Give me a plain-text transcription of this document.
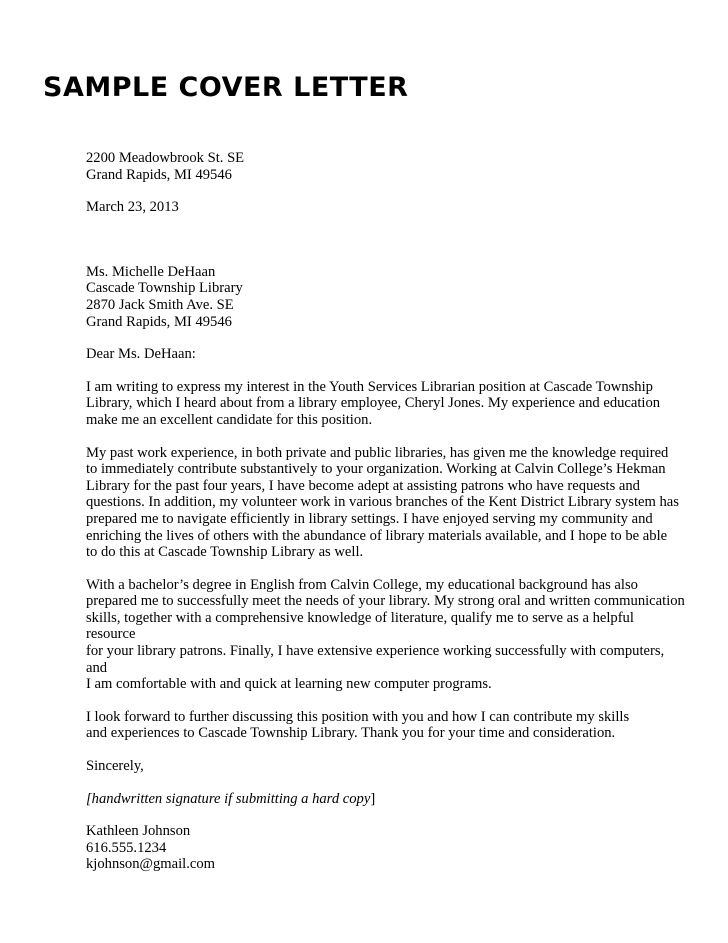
SAMPLE COVER LETTER

2200 Meadowbrook St. SE
Grand Rapids, MI 49546

March 23, 2013

Ms. Michelle DeHaan
Cascade Township Library
2870 Jack Smith Ave. SE
Grand Rapids, MI 49546

Dear Ms. DeHaan:

I am writing to express my interest in the Youth Services Librarian position at Cascade Township
Library, which I heard about from a library employee, Cheryl Jones. My experience and education
make me an excellent candidate for this position.

My past work experience, in both private and public libraries, has given me the knowledge required
to immediately contribute substantively to your organization. Working at Calvin College’s Hekman
Library for the past four years, I have become adept at assisting patrons who have requests and
questions. In addition, my volunteer work in various branches of the Kent District Library system has
prepared me to navigate efficiently in library settings. I have enjoyed serving my community and
enriching the lives of others with the abundance of library materials available, and I hope to be able
to do this at Cascade Township Library as well.

With a bachelor’s degree in English from Calvin College, my educational background has also
prepared me to successfully meet the needs of your library. My strong oral and written communication
skills, together with a comprehensive knowledge of literature, qualify me to serve as a helpful resource
for your library patrons. Finally, I have extensive experience working successfully with computers, and
I am comfortable with and quick at learning new computer programs.

I look forward to further discussing this position with you and how I can contribute my skills
and experiences to Cascade Township Library. Thank you for your time and consideration.

Sincerely,

[handwritten signature if submitting a hard copy]

Kathleen Johnson
616.555.1234
kjohnson@gmail.com
